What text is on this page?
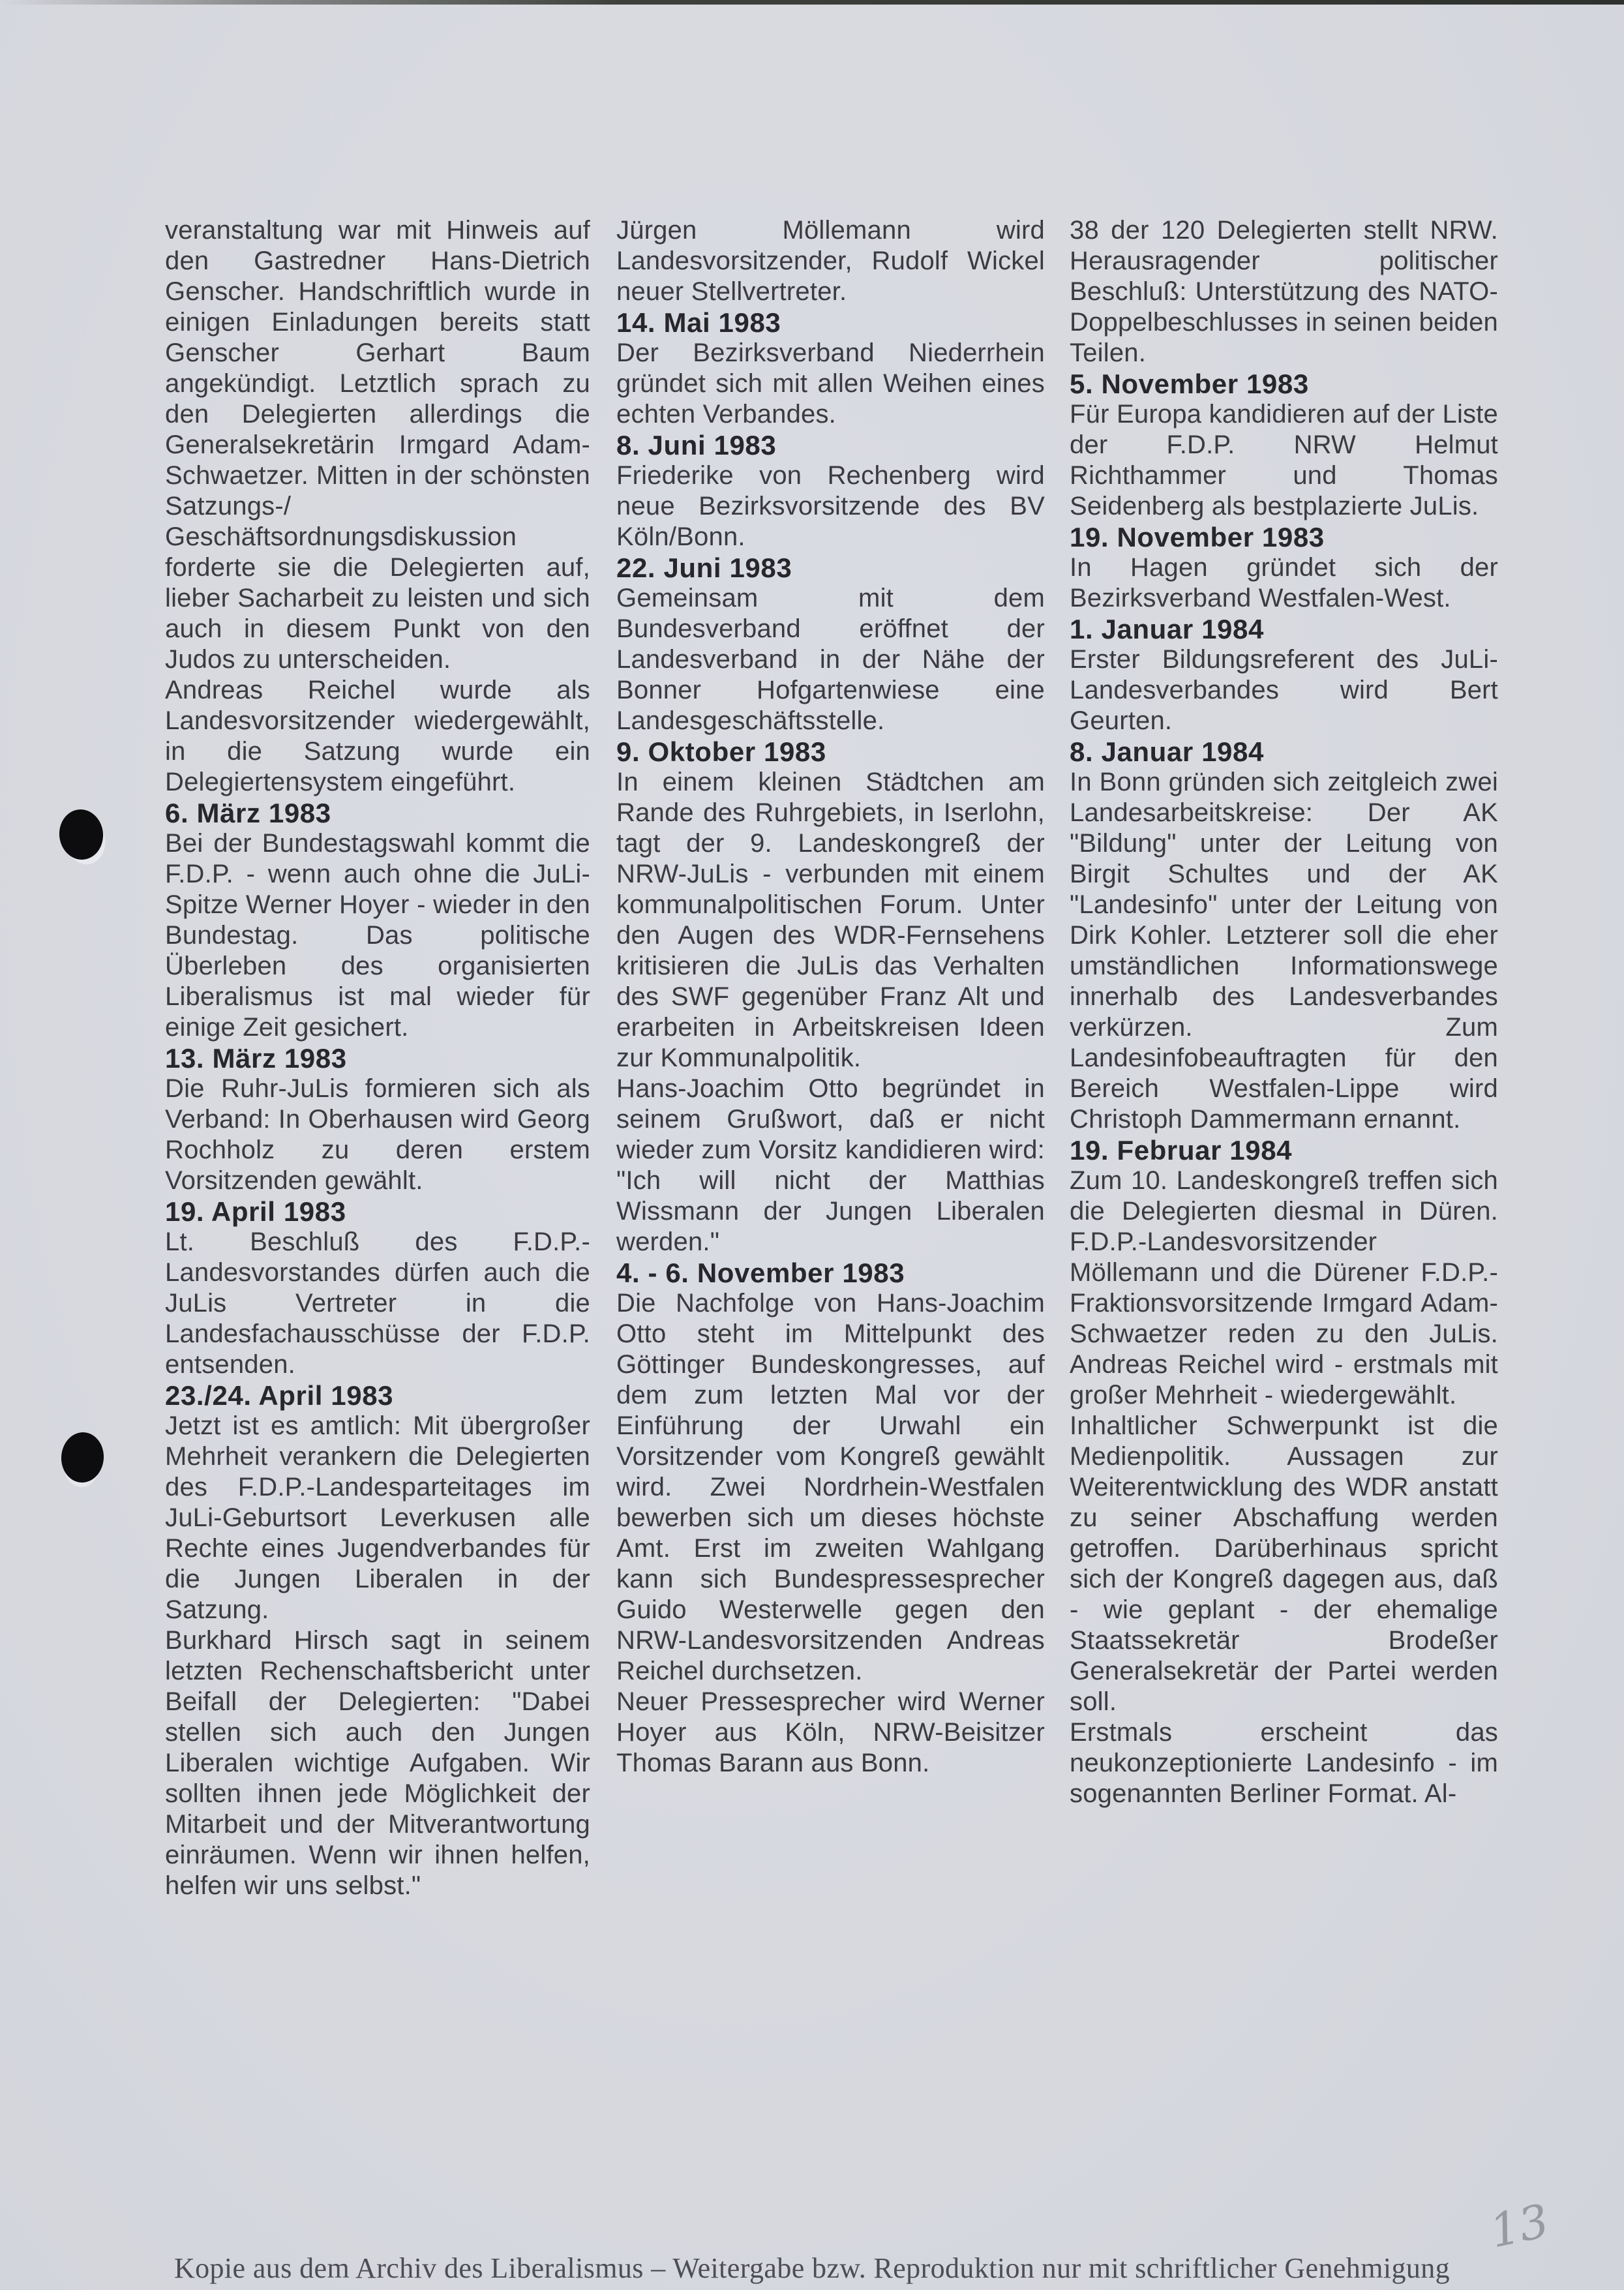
veranstaltung war mit Hinweis auf den Gastredner Hans-Dietrich Genscher. Handschriftlich wurde in einigen Einladungen bereits statt Genscher Gerhart Baum angekündigt. Letztlich sprach zu den Delegierten allerdings die Generalsekretärin Irmgard Adam-Schwaetzer. Mitten in der schönsten Satzungs-/ Geschäftsordnungsdiskussion forderte sie die Delegierten auf, lieber Sacharbeit zu leisten und sich auch in diesem Punkt von den Judos zu unterscheiden.

Andreas Reichel wurde als Landesvorsitzender wiedergewählt, in die Satzung wurde ein Delegiertensystem eingeführt.

6. März 1983

Bei der Bundestagswahl kommt die F.D.P. - wenn auch ohne die JuLi-Spitze Werner Hoyer - wieder in den Bundestag. Das politische Überleben des organisierten Liberalismus ist mal wieder für einige Zeit gesichert.

13. März 1983

Die Ruhr-JuLis formieren sich als Verband: In Oberhausen wird Georg Rochholz zu deren erstem Vorsitzenden gewählt.

19. April 1983

Lt. Beschluß des F.D.P.-Landesvorstandes dürfen auch die JuLis Vertreter in die Landesfachausschüsse der F.D.P. entsenden.

23./24. April 1983

Jetzt ist es amtlich: Mit übergroßer Mehrheit verankern die Delegierten des F.D.P.-Landesparteitages im JuLi-Geburtsort Leverkusen alle Rechte eines Jugendverbandes für die Jungen Liberalen in der Satzung.

Burkhard Hirsch sagt in seinem letzten Rechenschaftsbericht unter Beifall der Delegierten: "Dabei stellen sich auch den Jungen Liberalen wichtige Aufgaben. Wir sollten ihnen jede Möglichkeit der Mitarbeit und der Mitverantwortung einräumen. Wenn wir ihnen helfen, helfen wir uns selbst."

Jürgen Möllemann wird Landesvorsitzender, Rudolf Wickel neuer Stellvertreter.

14. Mai 1983

Der Bezirksverband Niederrhein gründet sich mit allen Weihen eines echten Verbandes.

8. Juni 1983

Friederike von Rechenberg wird neue Bezirksvorsitzende des BV Köln/Bonn.

22. Juni 1983

Gemeinsam mit dem Bundesverband eröffnet der Landesverband in der Nähe der Bonner Hofgartenwiese eine Landesgeschäftsstelle.

9. Oktober 1983

In einem kleinen Städtchen am Rande des Ruhrgebiets, in Iserlohn, tagt der 9. Landeskongreß der NRW-JuLis - verbunden mit einem kommunalpolitischen Forum. Unter den Augen des WDR-Fernsehens kritisieren die JuLis das Verhalten des SWF gegenüber Franz Alt und erarbeiten in Arbeitskreisen Ideen zur Kommunalpolitik.

Hans-Joachim Otto begründet in seinem Grußwort, daß er nicht wieder zum Vorsitz kandidieren wird: "Ich will nicht der Matthias Wissmann der Jungen Liberalen werden."

4. - 6. November 1983

Die Nachfolge von Hans-Joachim Otto steht im Mittelpunkt des Göttinger Bundeskongresses, auf dem zum letzten Mal vor der Einführung der Urwahl ein Vorsitzender vom Kongreß gewählt wird. Zwei Nordrhein-Westfalen bewerben sich um dieses höchste Amt. Erst im zweiten Wahlgang kann sich Bundespressesprecher Guido Westerwelle gegen den NRW-Landesvorsitzenden Andreas Reichel durchsetzen.

Neuer Pressesprecher wird Werner Hoyer aus Köln, NRW-Beisitzer Thomas Barann aus Bonn.

38 der 120 Delegierten stellt NRW. Herausragender politischer Beschluß: Unterstützung des NATO-Doppelbeschlusses in seinen beiden Teilen.

5. November 1983

Für Europa kandidieren auf der Liste der F.D.P. NRW Helmut Richthammer und Thomas Seidenberg als bestplazierte JuLis.

19. November 1983

In Hagen gründet sich der Bezirksverband Westfalen-West.

1. Januar 1984

Erster Bildungsreferent des JuLi-Landesverbandes wird Bert Geurten.

8. Januar 1984

In Bonn gründen sich zeitgleich zwei Landesarbeitskreise: Der AK "Bildung" unter der Leitung von Birgit Schultes und der AK "Landesinfo" unter der Leitung von Dirk Kohler. Letzterer soll die eher umständlichen Informationswege innerhalb des Landesverbandes verkürzen. Zum Landesinfobeauftragten für den Bereich Westfalen-Lippe wird Christoph Dammermann ernannt.

19. Februar 1984

Zum 10. Landeskongreß treffen sich die Delegierten diesmal in Düren. F.D.P.-Landesvorsitzender Möllemann und die Dürener F.D.P.-Fraktionsvorsitzende Irmgard Adam-Schwaetzer reden zu den JuLis. Andreas Reichel wird - erstmals mit großer Mehrheit - wiedergewählt.

Inhaltlicher Schwerpunkt ist die Medienpolitik. Aussagen zur Weiterentwicklung des WDR anstatt zu seiner Abschaffung werden getroffen. Darüberhinaus spricht sich der Kongreß dagegen aus, daß - wie geplant - der ehemalige Staatssekretär Brodeßer Generalsekretär der Partei werden soll.

Erstmals erscheint das neukonzeptionierte Landesinfo - im sogenannten Berliner Format. Al-

13
Kopie aus dem Archiv des Liberalismus – Weitergabe bzw. Reproduktion nur mit schriftlicher Genehmigung
